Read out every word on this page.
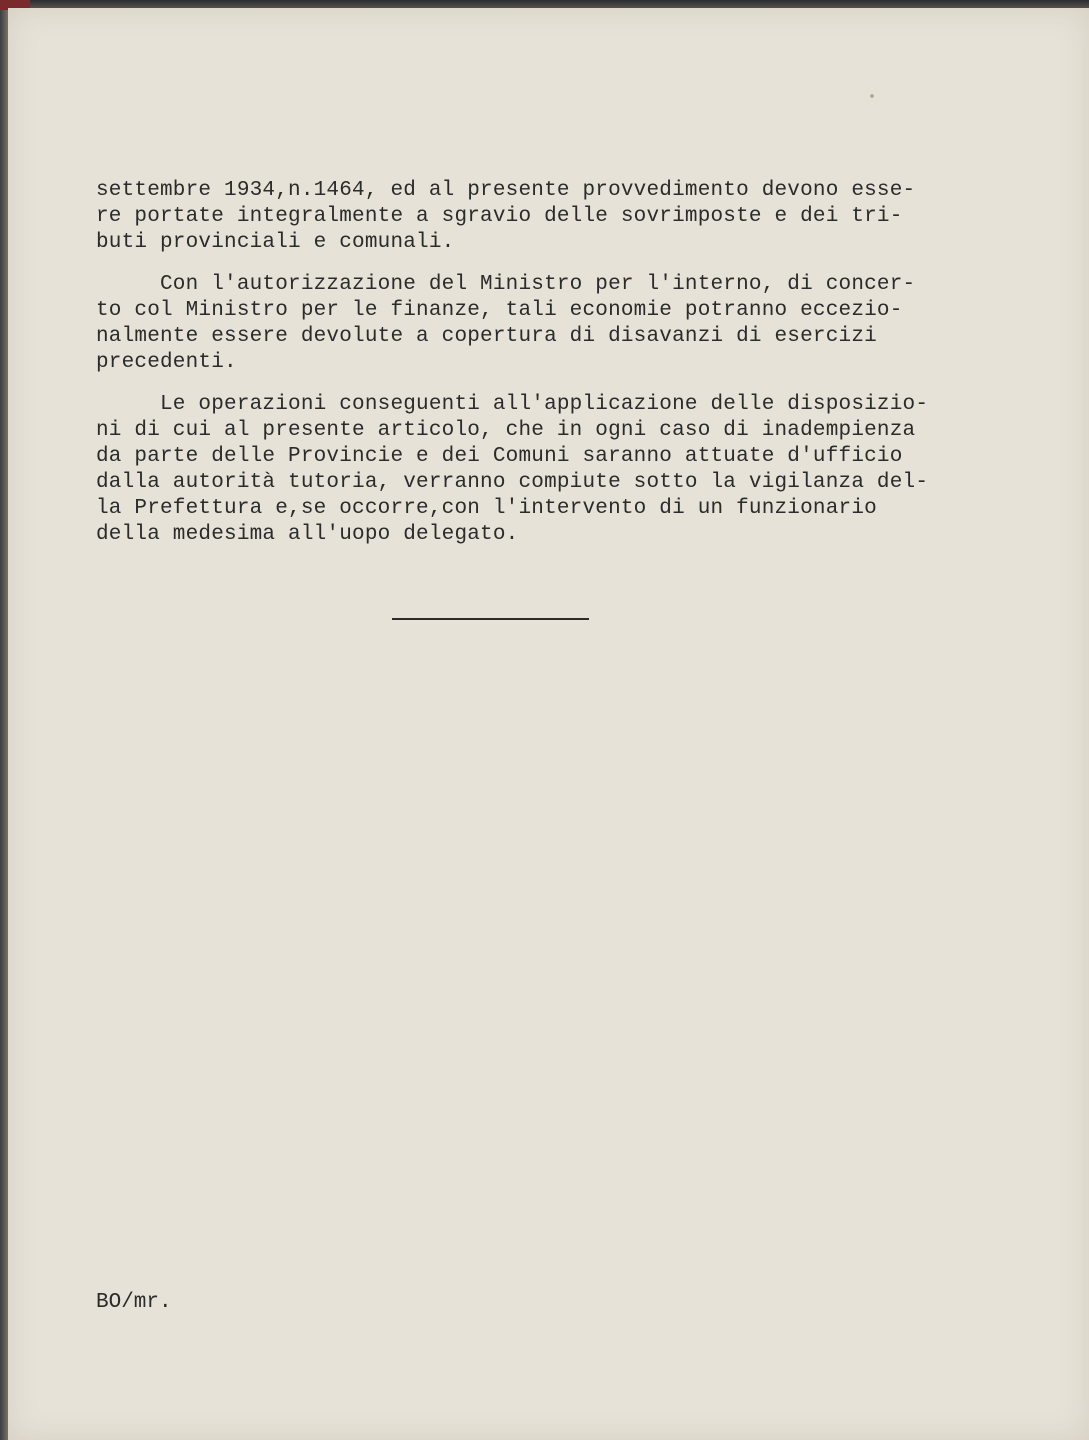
settembre 1934,n.1464, ed al presente provvedimento devono esse-
re portate integralmente a sgravio delle sovrimposte e dei tri-
buti provinciali e comunali.
Con l'autorizzazione del Ministro per l'interno, di concer-
to col Ministro per le finanze, tali economie potranno eccezio-
nalmente essere devolute a copertura di disavanzi di esercizi
precedenti.
Le operazioni conseguenti all'applicazione delle disposizio-
ni di cui al presente articolo, che in ogni caso di inadempienza
da parte delle Provincie e dei Comuni saranno attuate d'ufficio
dalla autorità tutoria, verranno compiute sotto la vigilanza del-
la Prefettura e,se occorre,con l'intervento di un funzionario
della medesima all'uopo delegato.
BO/mr.
